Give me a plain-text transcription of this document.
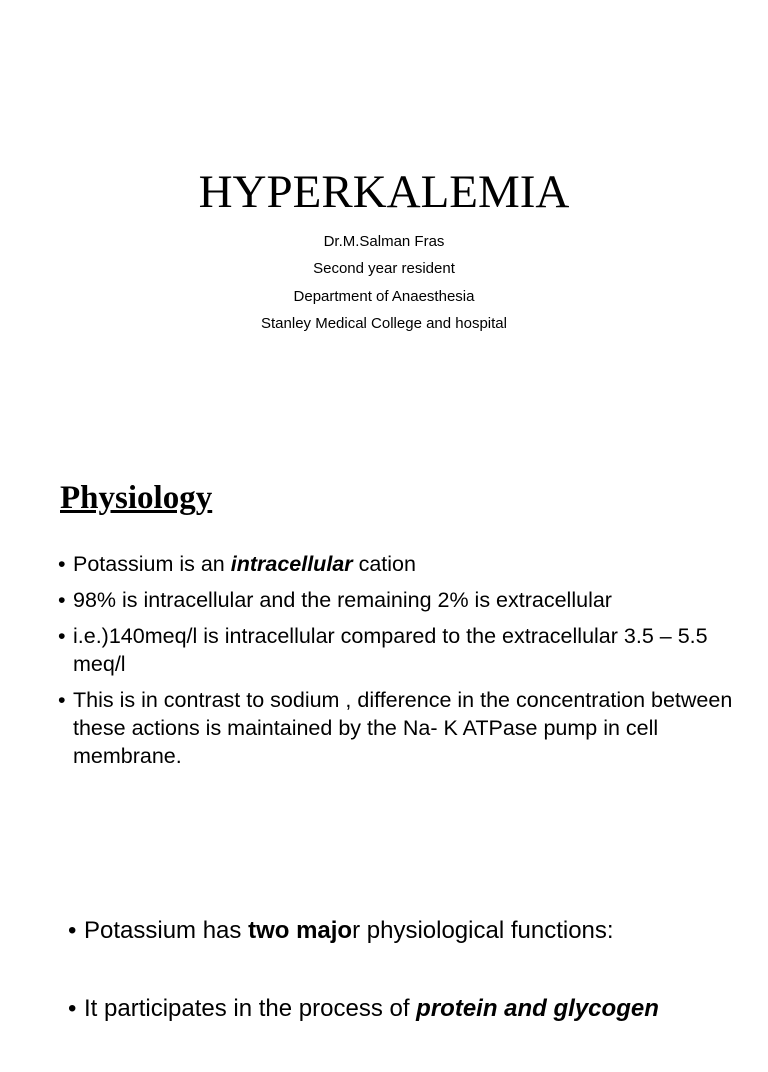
HYPERKALEMIA
Dr.M.Salman Fras
Second year resident
Department of Anaesthesia
Stanley Medical College and hospital
Physiology
• Potassium is an intracellular cation
• 98% is intracellular and the remaining 2% is extracellular
• i.e.)140meq/l is intracellular compared to the extracellular 3.5 – 5.5 meq/l
• This is in contrast to sodium , difference in the concentration between these actions is maintained by the Na- K ATPase pump in cell membrane.
• Potassium has two major physiological functions:
• It participates in the process of protein and glycogen
